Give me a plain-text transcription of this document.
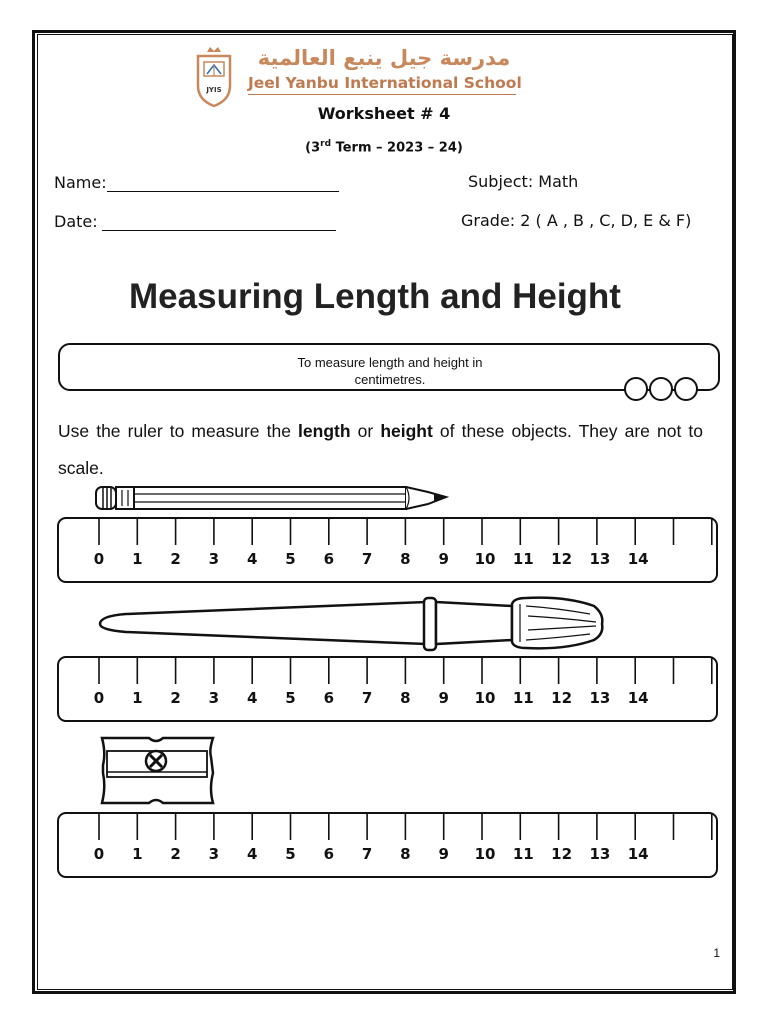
JYIS
مدرسة جيل ينبع العالمية
Jeel Yanbu International School
Worksheet # 4
(3rd Term – 2023 – 24)
Name:	Subject: Math
Date:	Grade: 2 ( A , B , C, D, E & F)
Measuring Length and Height
To measure length and height in centimetres.
Use the ruler to measure the length or height of these objects. They are not to scale.
0 1 2 3 4 5 6 7 8 9 10 11 12 13 14
0 1 2 3 4 5 6 7 8 9 10 11 12 13 14
0 1 2 3 4 5 6 7 8 9 10 11 12 13 14
1
